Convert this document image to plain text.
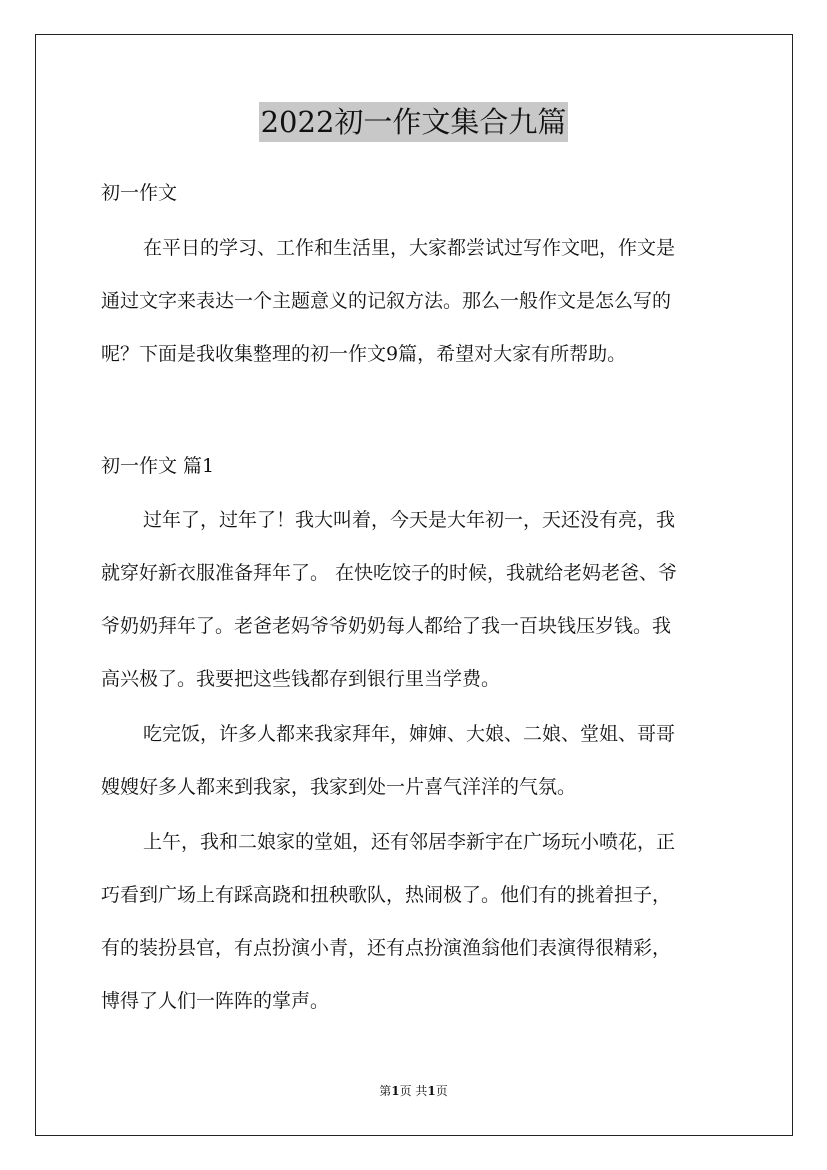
2022初一作文集合九篇

初一作文

在平日的学习、工作和生活里，大家都尝试过写作文吧，作文是

通过文字来表达一个主题意义的记叙方法。那么一般作文是怎么写的

呢？下面是我收集整理的初一作文9篇，希望对大家有所帮助。

初一作文 篇1

过年了，过年了！我大叫着，今天是大年初一，天还没有亮，我

就穿好新衣服准备拜年了。 在快吃饺子的时候，我就给老妈老爸、爷

爷奶奶拜年了。老爸老妈爷爷奶奶每人都给了我一百块钱压岁钱。我

高兴极了。我要把这些钱都存到银行里当学费。

吃完饭，许多人都来我家拜年，婶婶、大娘、二娘、堂姐、哥哥

嫂嫂好多人都来到我家，我家到处一片喜气洋洋的气氛。

上午，我和二娘家的堂姐，还有邻居李新宇在广场玩小喷花，正

巧看到广场上有踩高跷和扭秧歌队，热闹极了。他们有的挑着担子，

有的装扮县官，有点扮演小青，还有点扮演渔翁他们表演得很精彩，

博得了人们一阵阵的掌声。

第1页 共1页
